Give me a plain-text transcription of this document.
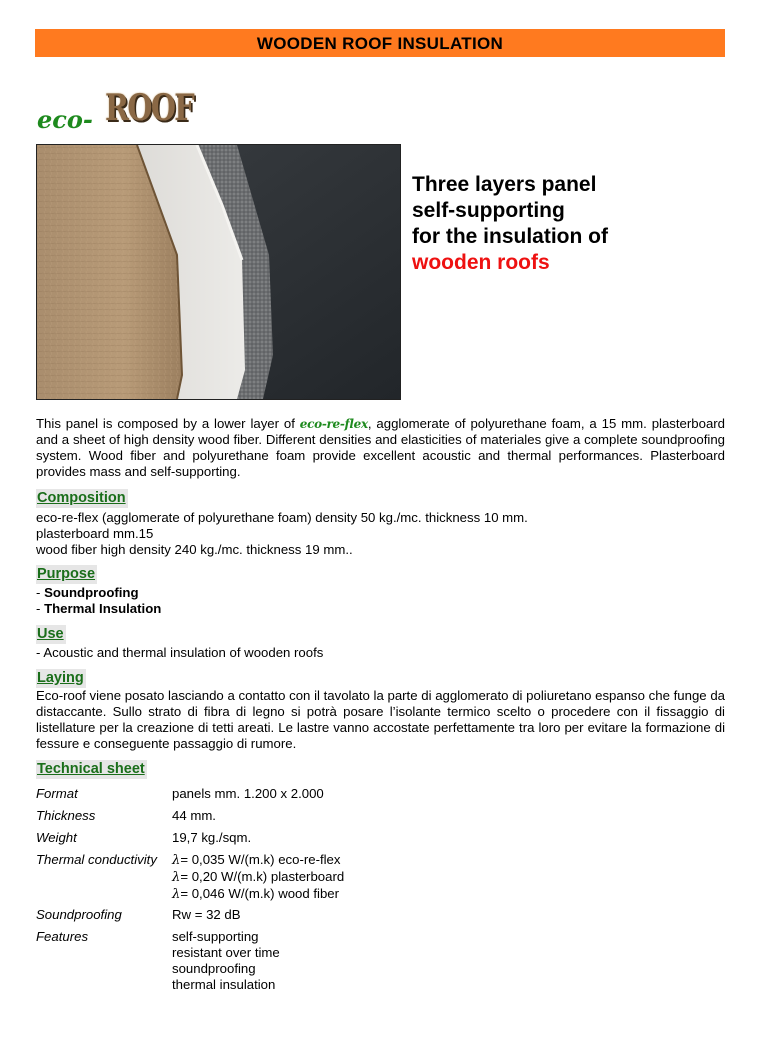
WOODEN ROOF INSULATION
eco- ROOF
Three layers panel
self-supporting
for the insulation of
wooden roofs
This panel is composed by a lower layer of eco-re-flex, agglomerate of polyurethane foam, a 15 mm. plasterboard and a sheet of high density wood fiber. Different densities and elasticities of materiales give a complete soundproofing system. Wood fiber and polyurethane foam provide excellent acoustic and thermal performances. Plasterboard provides mass and self-supporting.
Composition

eco-re-flex (agglomerate of polyurethane foam) density 50 kg./mc. thickness 10 mm.

plasterboard mm.15

wood fiber high density 240 kg./mc. thickness 19 mm..

Purpose

- Soundproofing

- Thermal Insulation

Use
- Acoustic and thermal insulation of wooden roofs
Laying
Eco-roof viene posato lasciando a contatto con il tavolato la parte di agglomerato di poliuretano espanso che funge da distaccante. Sullo strato di fibra di legno si potrà posare l’isolante termico scelto o procedere con il fissaggio di listellature per la creazione di tetti areati. Le lastre vanno accostate perfettamente tra loro per evitare la formazione di fessure e conseguente passaggio di rumore.
Technical sheet
Format	panels mm. 1.200 x 2.000
Thickness	44 mm.
Weight	19,7 kg./sqm.
Thermal conductivity	λ= 0,035 W/(m.k) eco-re-flex
λ= 0,20 W/(m.k) plasterboard
λ= 0,046 W/(m.k) wood fiber
Soundproofing	Rw = 32 dB
Features	self-supporting
resistant over time
soundproofing
thermal insulation
